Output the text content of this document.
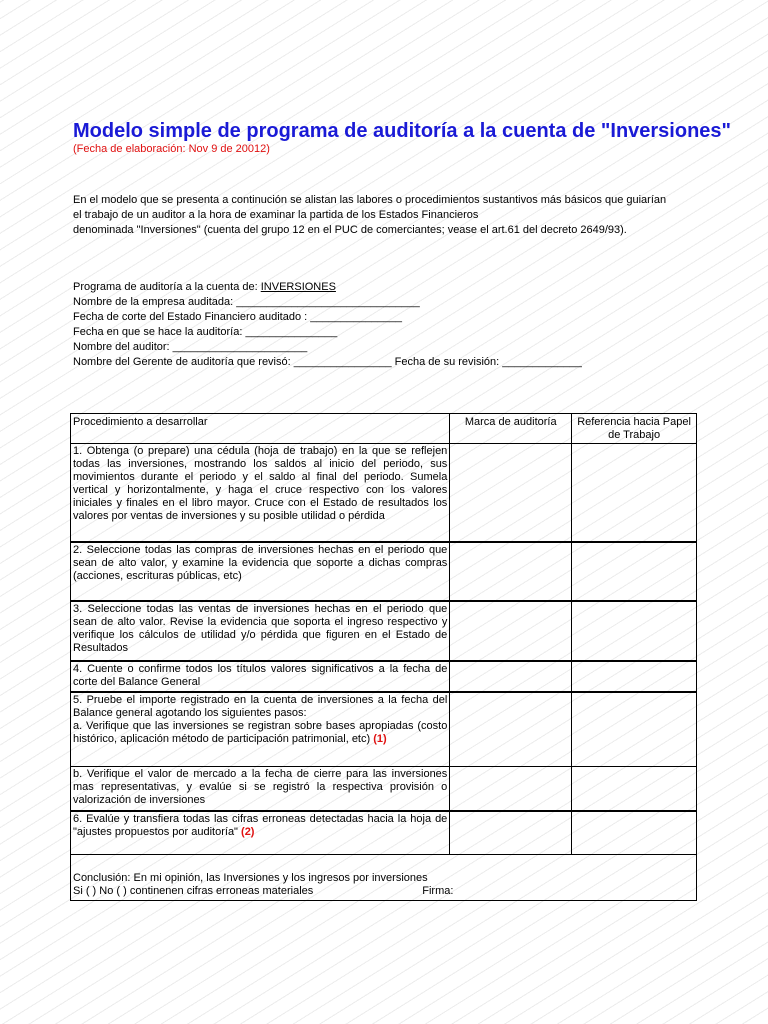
Modelo simple de programa de auditoría a la cuenta de "Inversiones"
(Fecha de elaboración: Nov 9 de 20012)
En el modelo que se presenta a continución se alistan las labores o procedimientos sustantivos más básicos que guiarían
el trabajo de un auditor a la hora de examinar la partida de los Estados Financieros
denominada "Inversiones" (cuenta del grupo 12 en el PUC de comerciantes; vease el art.61 del decreto 2649/93).
Programa de auditoría a la cuenta de: INVERSIONES
Nombre de la empresa auditada: ______________________________
Fecha de corte del Estado Financiero auditado : _______________
Fecha en que se hace la auditoría: _______________
Nombre del auditor: ______________________
Nombre del Gerente de auditoría que revisó: ________________ Fecha de su revisión: _____________
Procedimiento a desarrollar	Marca de auditoría	Referencia hacia Papel de Trabajo
1. Obtenga (o prepare) una cédula (hoja de trabajo) en la que se reflejen todas las inversiones, mostrando los saldos al inicio del periodo, sus movimientos durante el periodo y el saldo al final del periodo. Sumela vertical y horizontalmente, y haga el cruce respectivo con los valores iniciales y finales en el libro mayor. Cruce con el Estado de resultados los valores por ventas de inversiones y su posible utilidad o pérdida		
2. Seleccione todas las compras de inversiones hechas en el periodo que sean de alto valor, y examine la evidencia que soporte a dichas compras (acciones, escrituras públicas, etc)		
3. Seleccione todas las ventas de inversiones hechas en el periodo que sean de alto valor. Revise la evidencia que soporta el ingreso respectivo y verifique los cálculos de utilidad y/o pérdida que figuren en el Estado de Resultados		
4. Cuente o confirme todos los títulos valores significativos a la fecha de corte del Balance General		

5. Pruebe el importe registrado en la cuenta de inversiones a la fecha del Balance general agotando los siguientes pasos:
a. Verifique que las inversiones se registran sobre bases apropiadas (costo histórico, aplicación método de participación patrimonial, etc) (1)		

b. Verifique el valor de mercado a la fecha de cierre para las inversiones mas representativas, y evalúe si se registró la respectiva provisión o valorización de inversiones		
6. Evalúe y transfiera todas las cifras erroneas detectadas hacia la hoja de "ajustes propuestos por auditoría" (2)		

Conclusión: En mi opinión, las Inversiones y los ingresos por inversiones
Si ( ) No ( ) continenen cifras erroneas materiales Firma:		
